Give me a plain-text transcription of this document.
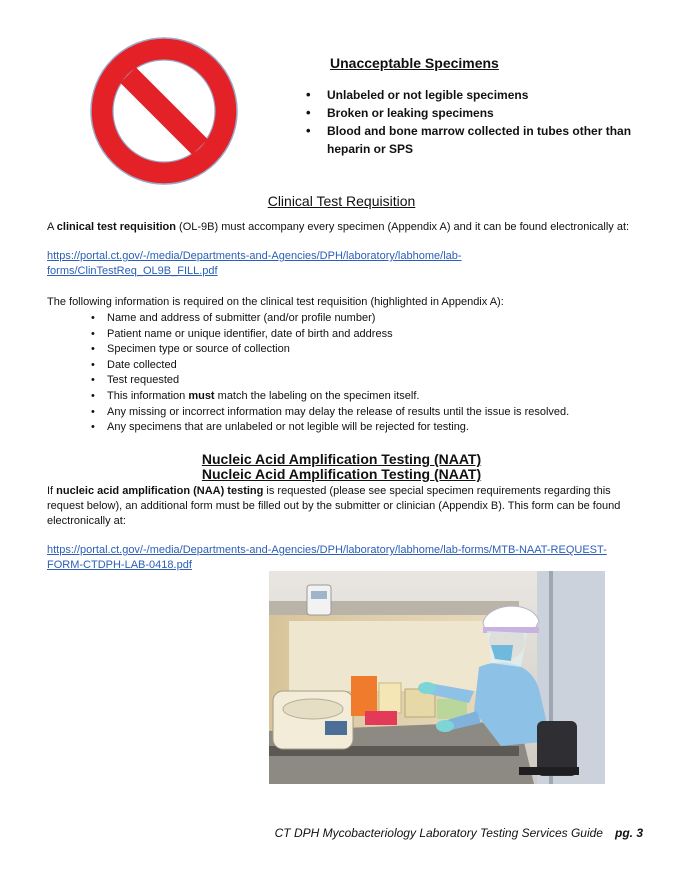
Unacceptable Specimens
• Unlabeled or not legible specimens
• Broken or leaking specimens
• Blood and bone marrow collected in tubes other than heparin or SPS
Clinical Test Requisition
A clinical test requisition (OL-9B) must accompany every specimen (Appendix A) and it can be found electronically at:
https://portal.ct.gov/-/media/Departments-and-Agencies/DPH/laboratory/labhome/lab-
forms/ClinTestReq_OL9B_FILL.pdf
The following information is required on the clinical test requisition (highlighted in Appendix A):
• Name and address of submitter (and/or profile number)
• Patient name or unique identifier, date of birth and address
• Specimen type or source of collection
• Date collected
• Test requested
• This information must match the labeling on the specimen itself.
• Any missing or incorrect information may delay the release of results until the issue is resolved.
• Any specimens that are unlabeled or not legible will be rejected for testing.
Nucleic Acid Amplification Testing (NAAT)
Nucleic Acid Amplification Testing (NAAT)
If nucleic acid amplification (NAA) testing is requested (please see special specimen requirements regarding this request below), an additional form must be filled out by the submitter or clinician (Appendix B). This form can be found electronically at:
https://portal.ct.gov/-/media/Departments-and-Agencies/DPH/laboratory/labhome/lab-forms/MTB-NAAT-REQUEST-
FORM-CTDPH-LAB-0418.pdf
CT DPH Mycobacteriology Laboratory Testing Services Guide pg. 3
